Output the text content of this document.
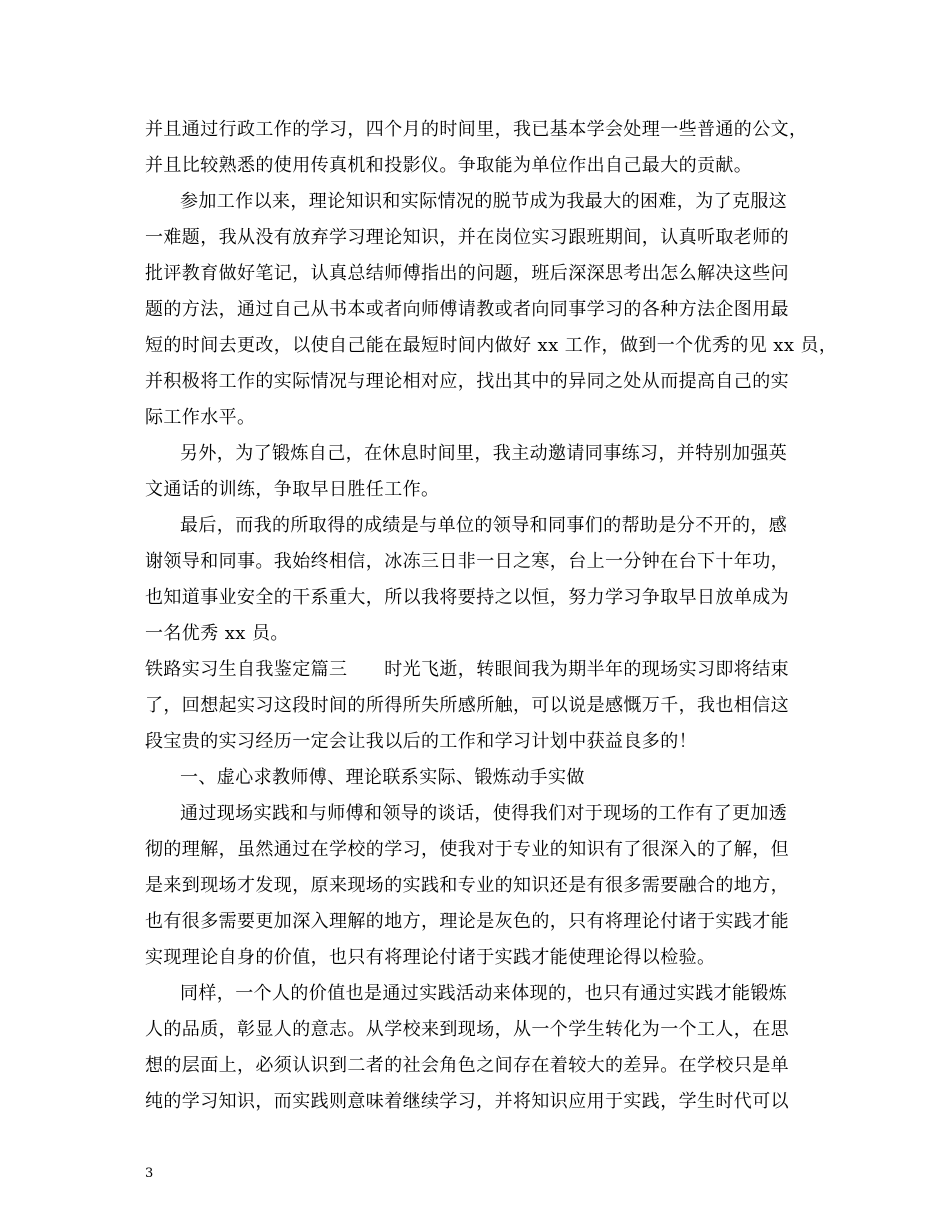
并且通过行政工作的学习，四个月的时间里，我已基本学会处理一些普通的公文，
并且比较熟悉的使用传真机和投影仪。争取能为单位作出自己最大的贡献。
参加工作以来，理论知识和实际情况的脱节成为我最大的困难，为了克服这
一难题，我从没有放弃学习理论知识，并在岗位实习跟班期间，认真听取老师的
批评教育做好笔记，认真总结师傅指出的问题，班后深深思考出怎么解决这些问
题的方法，通过自己从书本或者向师傅请教或者向同事学习的各种方法企图用最
短的时间去更改，以使自己能在最短时间内做好 xx 工作，做到一个优秀的见 xx 员，
并积极将工作的实际情况与理论相对应，找出其中的异同之处从而提高自己的实
际工作水平。
另外，为了锻炼自己，在休息时间里，我主动邀请同事练习，并特别加强英
文通话的训练，争取早日胜任工作。
最后，而我的所取得的成绩是与单位的领导和同事们的帮助是分不开的，感
谢领导和同事。我始终相信，冰冻三日非一日之寒，台上一分钟在台下十年功，
也知道事业安全的干系重大，所以我将要持之以恒，努力学习争取早日放单成为
一名优秀 xx 员。
铁路实习生自我鉴定篇三　　时光飞逝，转眼间我为期半年的现场实习即将结束
了，回想起实习这段时间的所得所失所感所触，可以说是感慨万千，我也相信这
段宝贵的实习经历一定会让我以后的工作和学习计划中获益良多的！
一、虚心求教师傅、理论联系实际、锻炼动手实做
通过现场实践和与师傅和领导的谈话，使得我们对于现场的工作有了更加透
彻的理解，虽然通过在学校的学习，使我对于专业的知识有了很深入的了解，但
是来到现场才发现，原来现场的实践和专业的知识还是有很多需要融合的地方，
也有很多需要更加深入理解的地方，理论是灰色的，只有将理论付诸于实践才能
实现理论自身的价值，也只有将理论付诸于实践才能使理论得以检验。
同样，一个人的价值也是通过实践活动来体现的，也只有通过实践才能锻炼
人的品质，彰显人的意志。从学校来到现场，从一个学生转化为一个工人，在思
想的层面上，必须认识到二者的社会角色之间存在着较大的差异。在学校只是单
纯的学习知识，而实践则意味着继续学习，并将知识应用于实践，学生时代可以
3
